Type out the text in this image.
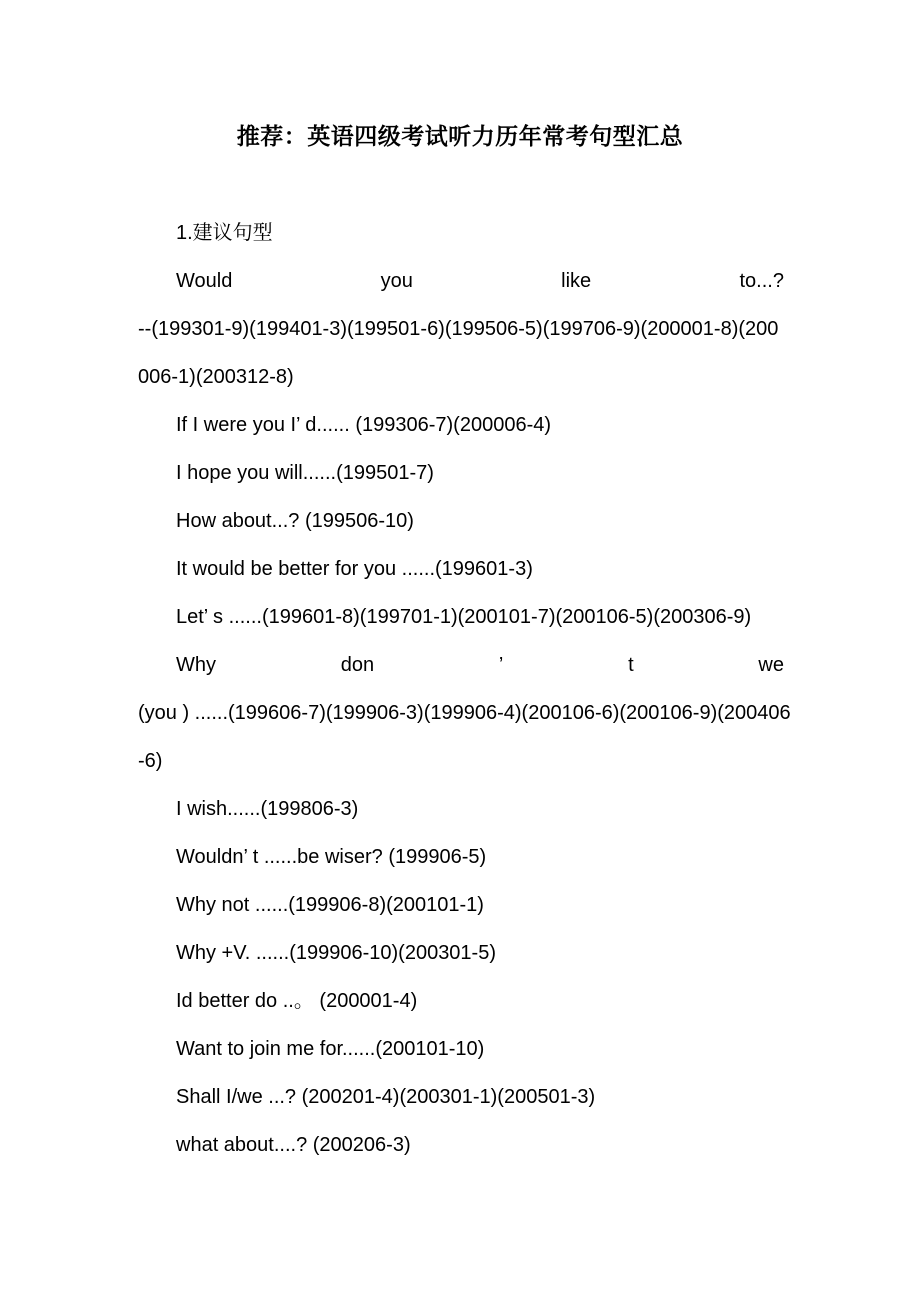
推荐：英语四级考试听力历年常考句型汇总
1.建议句型
Would	you	like	to...?
--(199301-9)(199401-3)(199501-6)(199506-5)(199706-9)(200001-8)(200
006-1)(200312-8)
If I were you I’ d...... (199306-7)(200006-4)
I hope you will......(199501-7)
How about...? (199506-10)
It would be better for you ......(199601-3)
Let’ s ......(199601-8)(199701-1)(200101-7)(200106-5)(200306-9)
Why	don	’	t	we
(you ) ......(199606-7)(199906-3)(199906-4)(200106-6)(200106-9)(200406
-6)
I wish......(199806-3)
Wouldn’ t ......be wiser? (199906-5)
Why not ......(199906-8)(200101-1)
Why +V. ......(199906-10)(200301-5)
Id better do ..。 (200001-4)
Want to join me for......(200101-10)
Shall I/we ...? (200201-4)(200301-1)(200501-3)
what about....? (200206-3)
